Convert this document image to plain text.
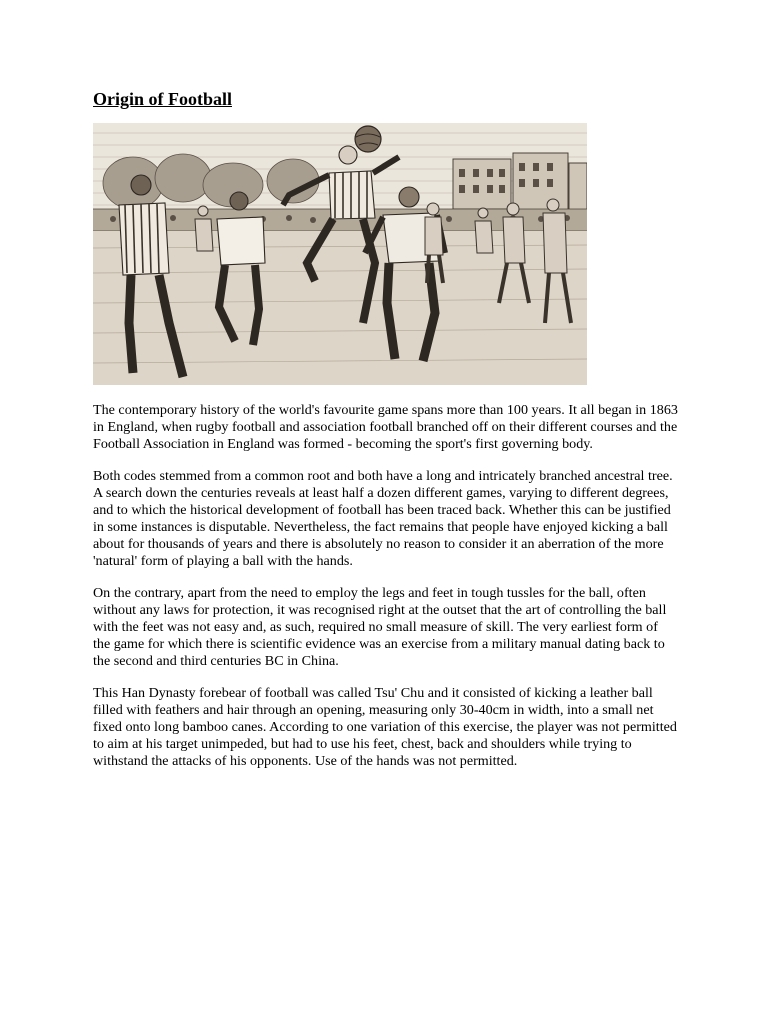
Origin of Football

The contemporary history of the world's favourite game spans more than 100 years. It all began in 1863 in England, when rugby football and association football branched off on their different courses and the Football Association in England was formed - becoming the sport's first governing body.

Both codes stemmed from a common root and both have a long and intricately branched ancestral tree. A search down the centuries reveals at least half a dozen different games, varying to different degrees, and to which the historical development of football has been traced back. Whether this can be justified in some instances is disputable. Nevertheless, the fact remains that people have enjoyed kicking a ball about for thousands of years and there is absolutely no reason to consider it an aberration of the more 'natural' form of playing a ball with the hands.

On the contrary, apart from the need to employ the legs and feet in tough tussles for the ball, often without any laws for protection, it was recognised right at the outset that the art of controlling the ball with the feet was not easy and, as such, required no small measure of skill. The very earliest form of the game for which there is scientific evidence was an exercise from a military manual dating back to the second and third centuries BC in China.

This Han Dynasty forebear of football was called Tsu' Chu and it consisted of kicking a leather ball filled with feathers and hair through an opening, measuring only 30-40cm in width, into a small net fixed onto long bamboo canes. According to one variation of this exercise, the player was not permitted to aim at his target unimpeded, but had to use his feet, chest, back and shoulders while trying to withstand the attacks of his opponents. Use of the hands was not permitted.
